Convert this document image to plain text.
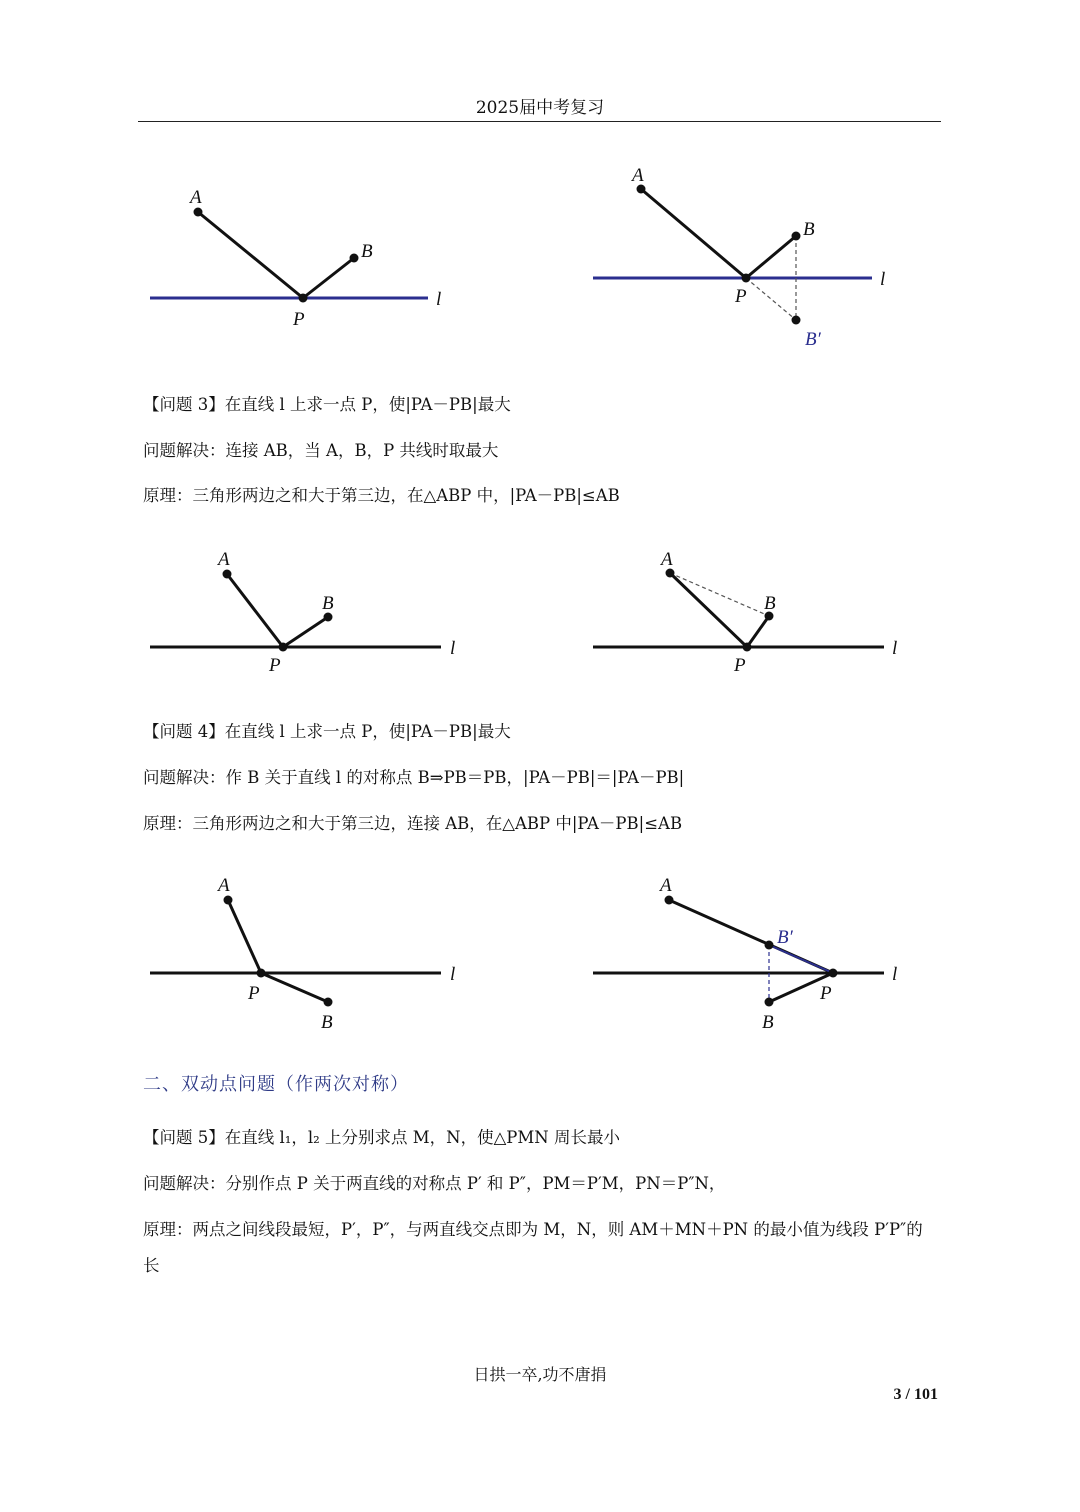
2025届中考复习
A
B
P
l
A
B
P
l
B′
【问题 3】在直线 l 上求一点 P，使|PA－PB|最大
问题解决：连接 AB，当 A，B，P 共线时取最大
原理：三角形两边之和大于第三边，在△ABP 中，|PA－PB|≤AB
A
B
P
l
A
B
P
l
【问题 4】在直线 l 上求一点 P，使|PA－PB|最大
问题解决：作 B 关于直线 l 的对称点 B⇒PB＝PB，|PA－PB|＝|PA－PB|
原理：三角形两边之和大于第三边，连接 AB，在△ABP 中|PA－PB|≤AB
A
P
B
l
A
B′
P
B
l
二、双动点问题（作两次对称）
【问题 5】在直线 l₁，l₂ 上分别求点 M，N，使△PMN 周长最小
问题解决：分别作点 P 关于两直线的对称点 P′ 和 P″，PM＝P′M，PN＝P″N，
原理：两点之间线段最短，P′，P″，与两直线交点即为 M，N，则 AM＋MN＋PN 的最小值为线段 P′P″的
长
日拱一卒,功不唐捐
3 / 101
